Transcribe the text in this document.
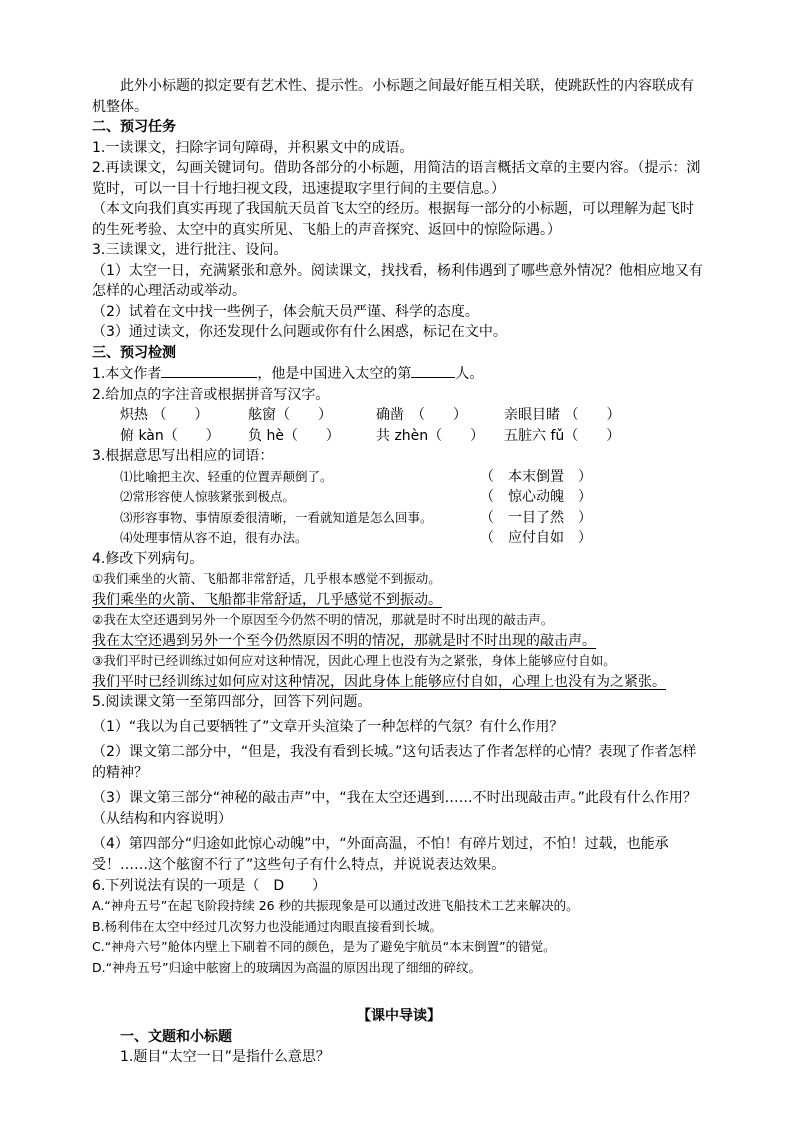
此外小标题的拟定要有艺术性、提示性。小标题之间最好能互相关联，使跳跃性的内容联成有机整体。

二、预习任务

1.一读课文，扫除字词句障碍，并积累文中的成语。

2.再读课文，勾画关键词句。借助各部分的小标题，用简洁的语言概括文章的主要内容。（提示：浏览时，可以一目十行地扫视文段，迅速提取字里行间的主要信息。）

（本文向我们真实再现了我国航天员首飞太空的经历。根据每一部分的小标题，可以理解为起飞时的生死考验、太空中的真实所见、飞船上的声音探究、返回中的惊险际遇。）

3.三读课文，进行批注、设问。

（1）太空一日，充满紧张和意外。阅读课文，找找看，杨利伟遇到了哪些意外情况？他相应地又有怎样的心理活动或举动。

（2）试着在文中找一些例子，体会航天员严谨、科学的态度。

（3）通过读文，你还发现什么问题或你有什么困惑，标记在文中。

三、预习检测

1.本文作者	，他是中国进入太空的第	人。

2.给加点的字注音或根据拼音写汉字。

炽热 （　　）	舷窗（　　）	确凿　（　　）	亲眼目睹 （　　）
俯 kàn（　　）	负 hè（　　）	共 zhèn（　　）	五脏六 fǔ（　　）

3.根据意思写出相应的词语：

⑴比喻把主次、轻重的位置弄颠倒了。	（　本末倒置　）
⑵常形容使人惊骇紧张到极点。	（　惊心动魄　）
⑶形容事物、事情原委很清晰，一看就知道是怎么回事。	（　一目了然　）
⑷处理事情从容不迫，很有办法。	（　应付自如　）

4.修改下列病句。

①我们乘坐的火箭、飞船都非常舒适，几乎根本感觉不到振动。

我们乘坐的火箭、飞船都非常舒适，几乎感觉不到振动。

②我在太空还遇到另外一个原因至今仍然不明的情况，那就是时不时出现的敲击声。

我在太空还遇到另外一个至今仍然原因不明的情况，那就是时不时出现的敲击声。

③我们平时已经训练过如何应对这种情况，因此心理上也没有为之紧张，身体上能够应付自如。

我们平时已经训练过如何应对这种情况，因此身体上能够应付自如，心理上也没有为之紧张。

5.阅读课文第一至第四部分，回答下列问题。

（1）“我以为自己要牺牲了”文章开头渲染了一种怎样的气氛？有什么作用？

（2）课文第二部分中，“但是，我没有看到长城。”这句话表达了作者怎样的心情？表现了作者怎样的精神？

（3）课文第三部分“神秘的敲击声”中，“我在太空还遇到……不时出现敲击声。”此段有什么作用？（从结构和内容说明）

（4）第四部分“归途如此惊心动魄”中，“外面高温，不怕！有碎片划过，不怕！过载，也能承受！……这个舷窗不行了”这些句子有什么特点，并说说表达效果。

6.下列说法有误的一项是（　D　　）

A.“神舟五号”在起飞阶段持续 26 秒的共振现象是可以通过改进飞船技术工艺来解决的。

B.杨利伟在太空中经过几次努力也没能通过肉眼直接看到长城。

C.“神舟六号”舱体内壁上下刷着不同的颜色，是为了避免宇航员“本末倒置”的错觉。

D.“神舟五号”归途中舷窗上的玻璃因为高温的原因出现了细细的碎纹。

【课中导读】

一、文题和小标题

1.题目“太空一日”是指什么意思？
